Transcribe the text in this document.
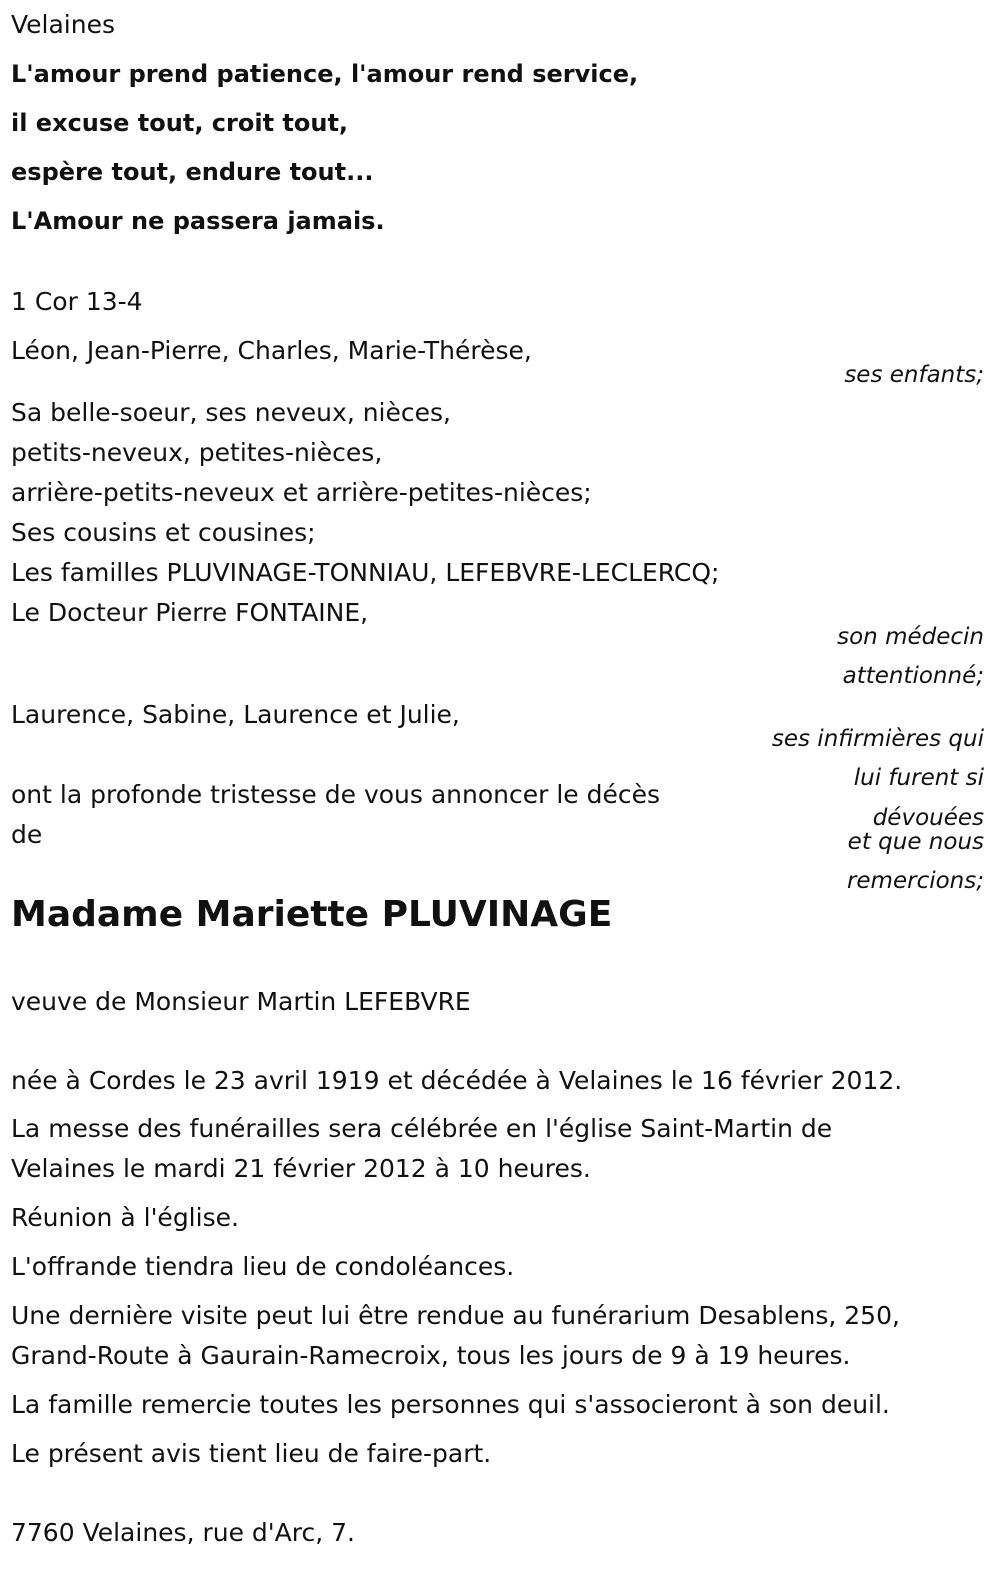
Velaines

L'amour prend patience, l'amour rend service,

il excuse tout, croit tout,

espère tout, endure tout...

L'Amour ne passera jamais.

1 Cor 13-4

Léon, Jean-Pierre, Charles, Marie-Thérèse,

ses enfants;

Sa belle-soeur, ses neveux, nièces,

petits-neveux, petites-nièces,

arrière-petits-neveux et arrière-petites-nièces;

Ses cousins et cousines;

Les familles PLUVINAGE-TONNIAU, LEFEBVRE-LECLERCQ;

Le Docteur Pierre FONTAINE,

son médecin
attentionné;

Laurence, Sabine, Laurence et Julie,

ses infirmières qui
lui furent si
dévouées
et que nous
remercions;

ont la profonde tristesse de vous annoncer le décès

de

Madame Mariette PLUVINAGE

veuve de Monsieur Martin LEFEBVRE

née à Cordes le 23 avril 1919 et décédée à Velaines le 16 février 2012.

La messe des funérailles sera célébrée en l'église Saint-Martin de

Velaines le mardi 21 février 2012 à 10 heures.

Réunion à l'église.

L'offrande tiendra lieu de condoléances.

Une dernière visite peut lui être rendue au funérarium Desablens, 250,

Grand-Route à Gaurain-Ramecroix, tous les jours de 9 à 19 heures.

La famille remercie toutes les personnes qui s'associeront à son deuil.

Le présent avis tient lieu de faire-part.

7760 Velaines, rue d'Arc, 7.
